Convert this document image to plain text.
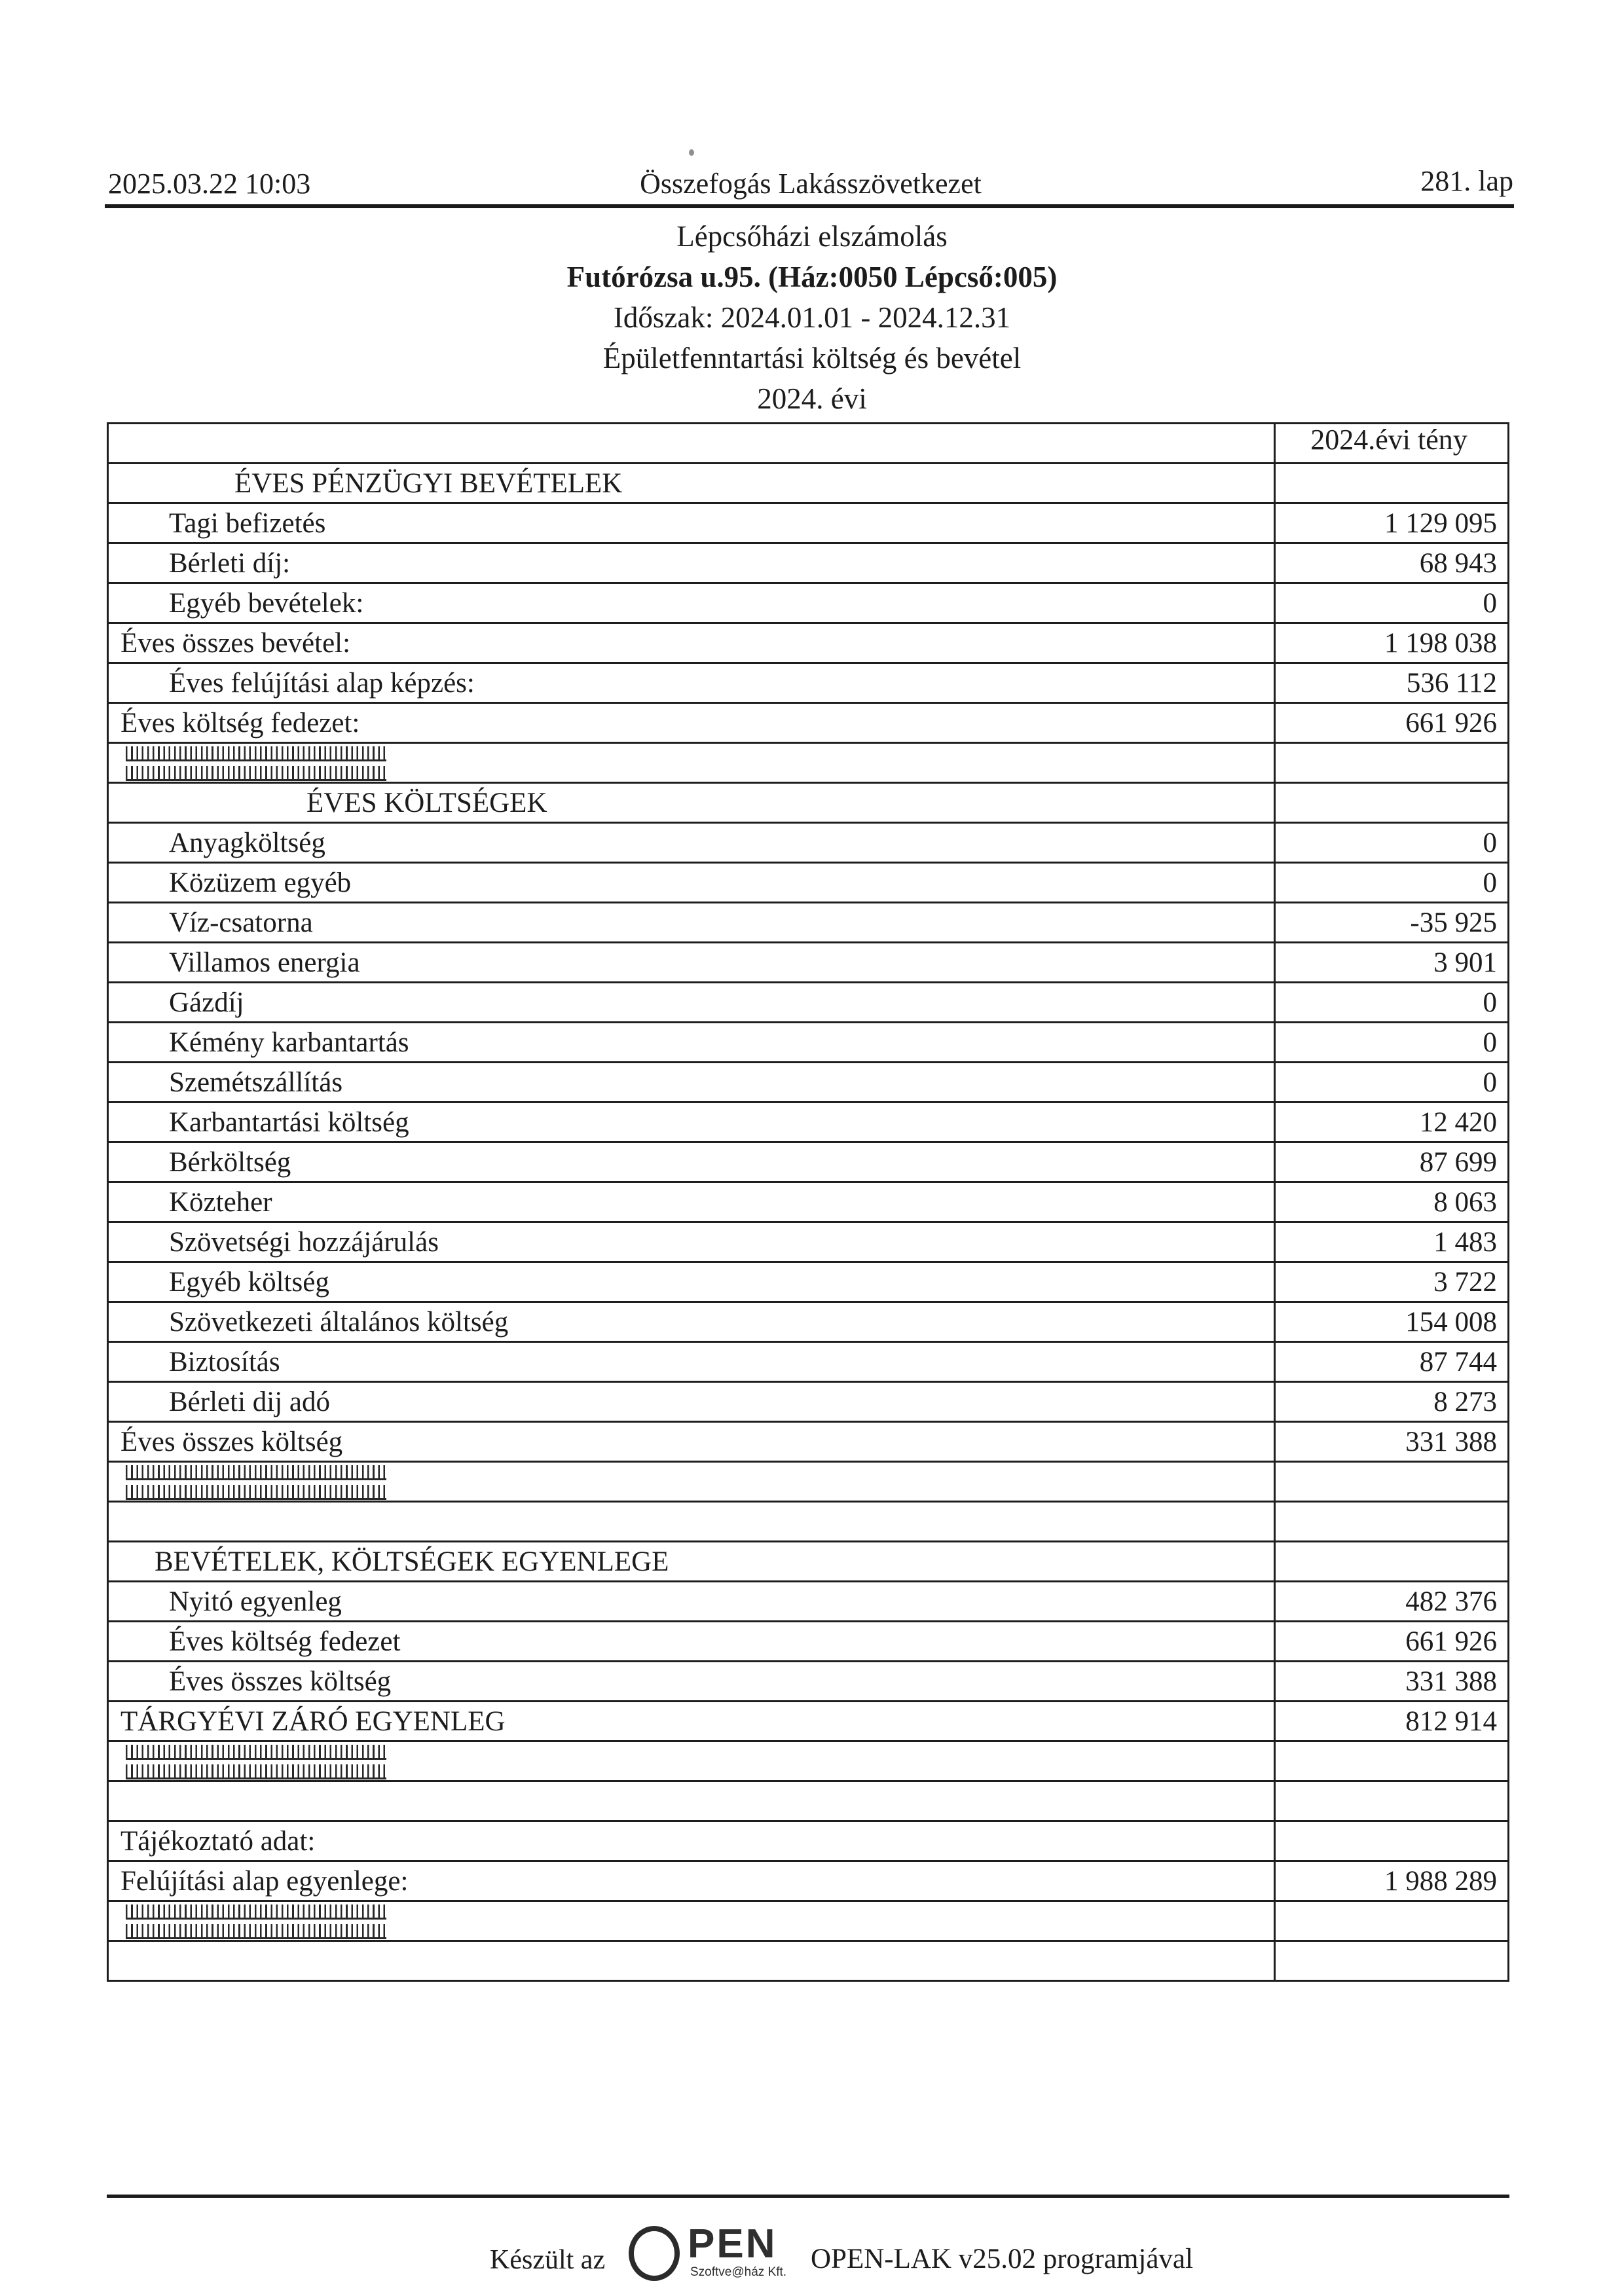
2025.03.22 10:03	Összefogás Lakásszövetkezet	281. lap
Lépcsőházi elszámolás
Futórózsa u.95. (Ház:0050 Lépcső:005)
Időszak: 2024.01.01 - 2024.12.31
Épületfenntartási költség és bevétel
2024. évi
2024.évi tény
ÉVES PÉNZÜGYI BEVÉTELEK
Tagi befizetés	1 129 095
Bérleti díj:	68 943
Egyéb bevételek:	0
Éves összes bevétel:	1 198 038
Éves felújítási alap képzés:	536 112
Éves költség fedezet:	661 926
ÉVES KÖLTSÉGEK
Anyagköltség	0
Közüzem egyéb	0
Víz-csatorna	-35 925
Villamos energia	3 901
Gázdíj	0
Kémény karbantartás	0
Szemétszállítás	0
Karbantartási költség	12 420
Bérköltség	87 699
Közteher	8 063
Szövetségi hozzájárulás	1 483
Egyéb költség	3 722
Szövetkezeti általános költség	154 008
Biztosítás	87 744
Bérleti dij adó	8 273
Éves összes költség	331 388
BEVÉTELEK, KÖLTSÉGEK EGYENLEGE
Nyitó egyenleg	482 376
Éves költség fedezet	661 926
Éves összes költség	331 388
TÁRGYÉVI ZÁRÓ EGYENLEG	812 914
Tájékoztató adat:
Felújítási alap egyenlege:	1 988 289
Készült az PEN
Szoftve@ház Kft. OPEN-LAK v25.02 programjával
